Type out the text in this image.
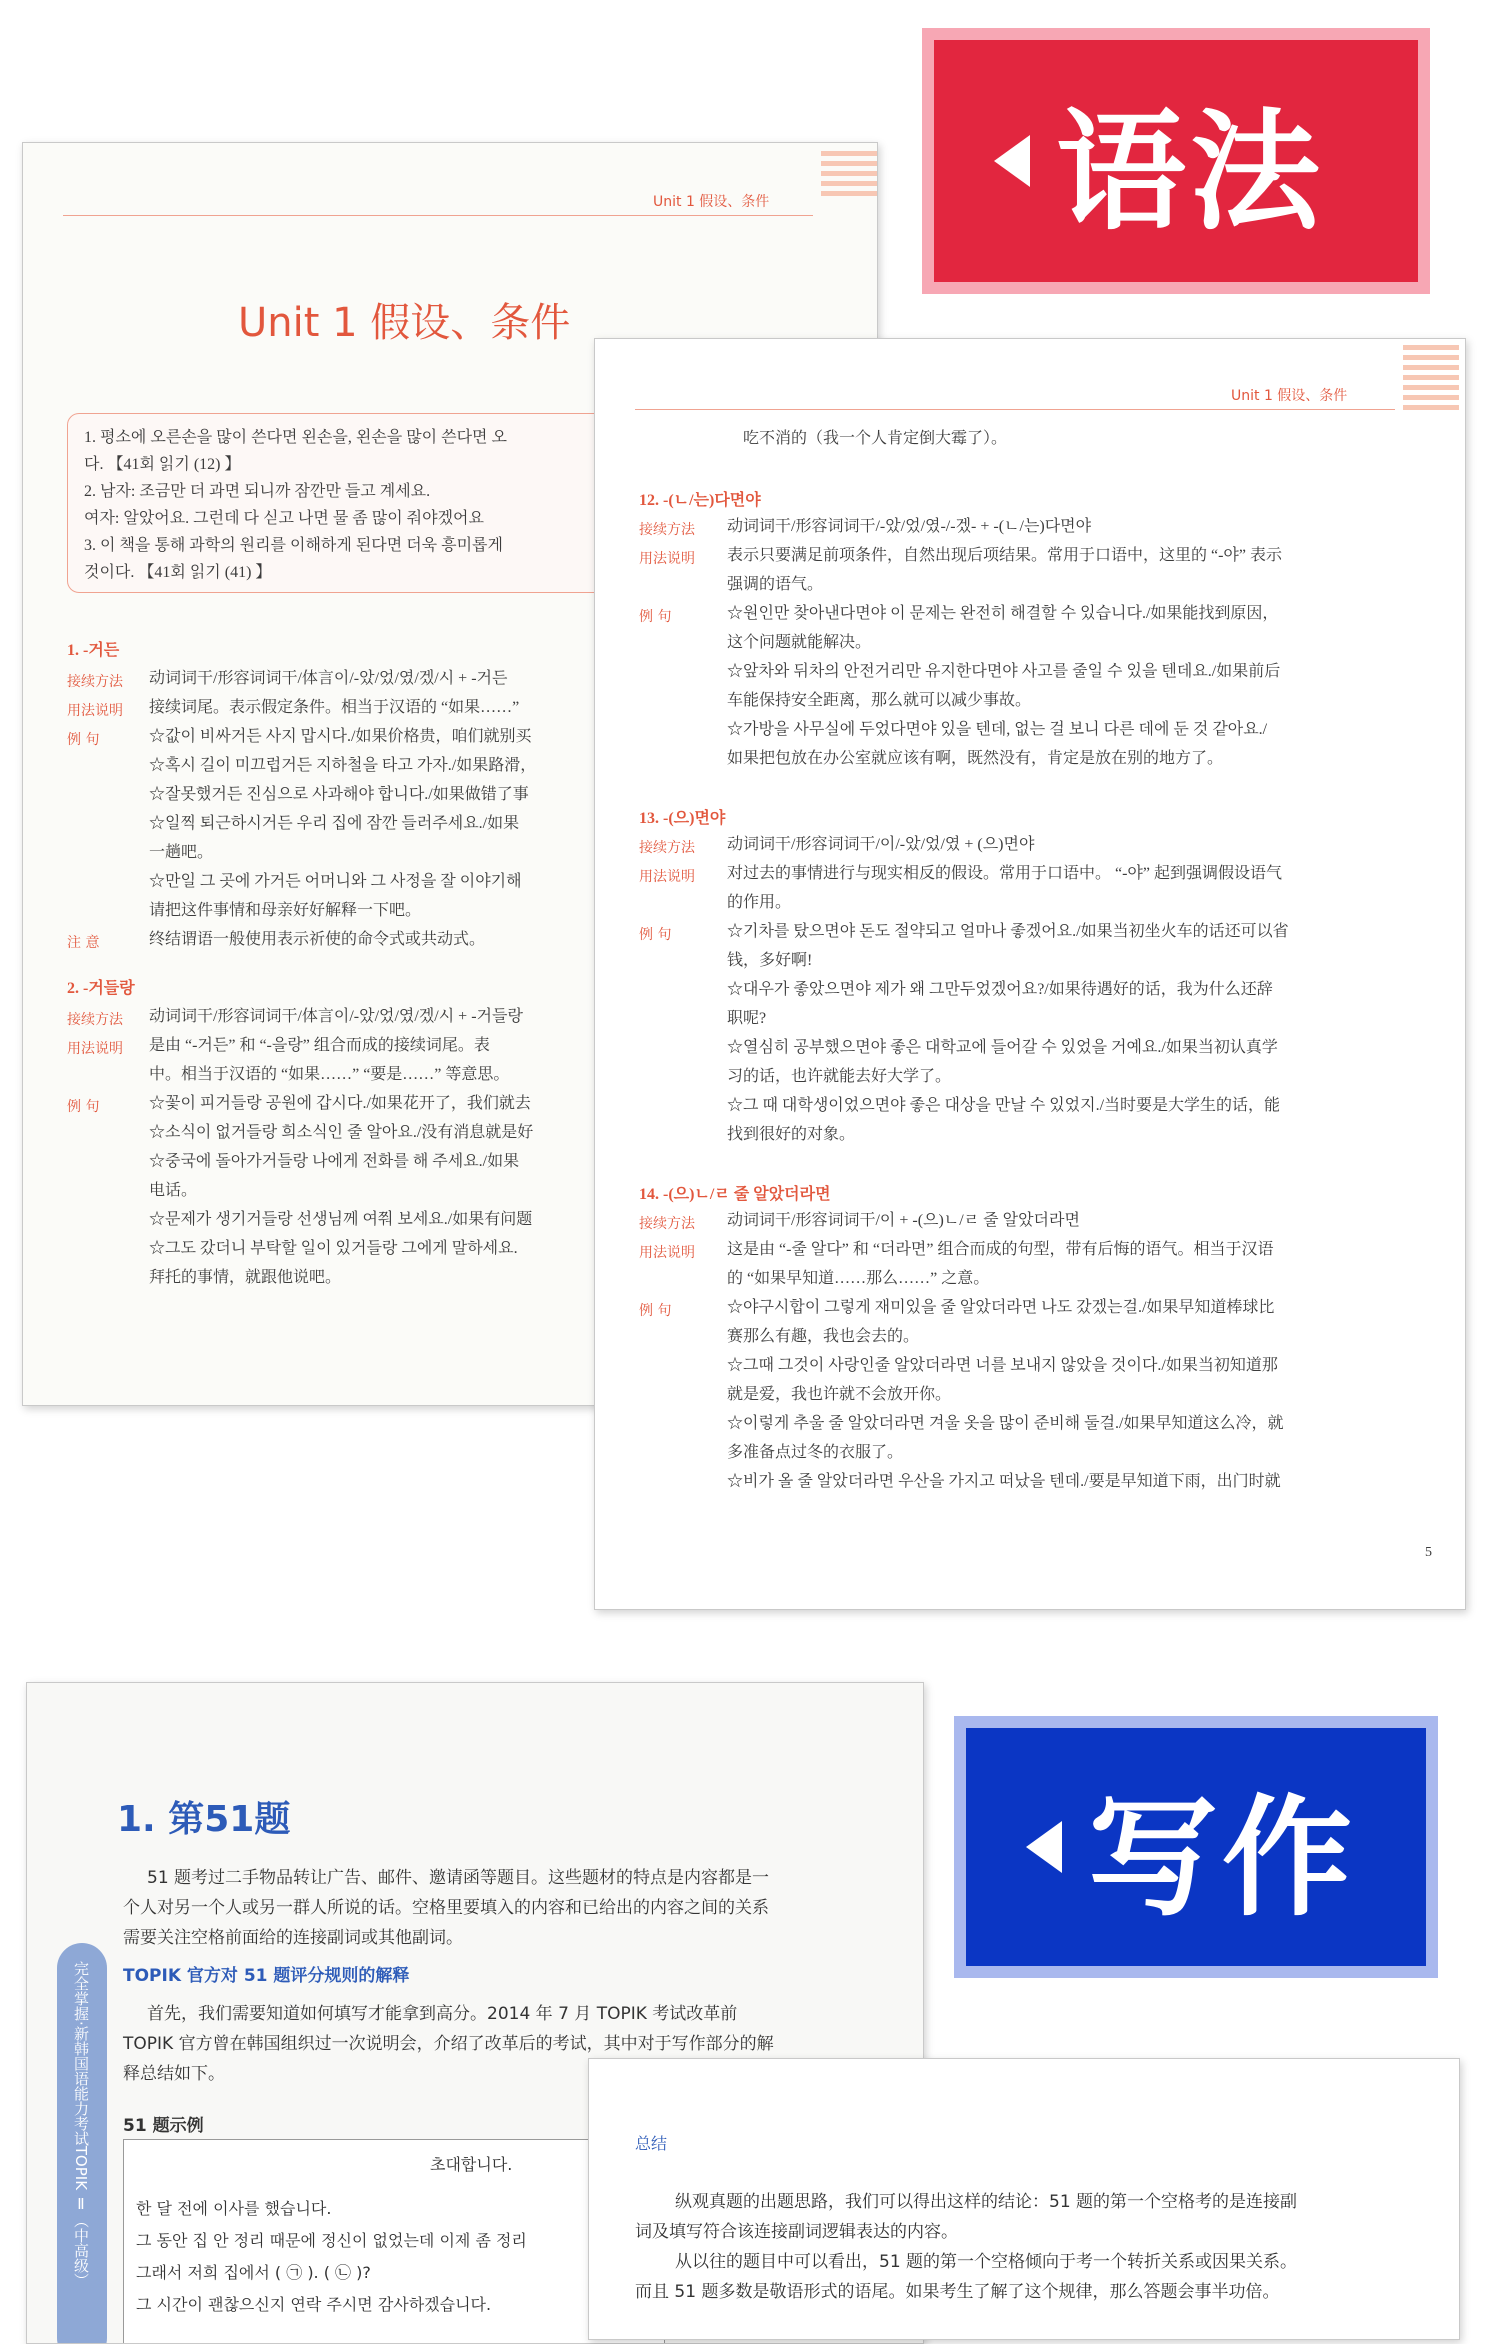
Unit 1 假设、条件
Unit 1 假设、条件
1. 평소에 오른손을 많이 쓴다면 왼손을, 왼손을 많이 쓴다면 오
다. 【41회 읽기 (12) 】
2. 남자: 조금만 더 과면 되니까 잠깐만 들고 계세요.
여자: 알았어요. 그런데 다 싣고 나면 물 좀 많이 줘야겠어요
3. 이 책을 통해 과학의 원리를 이해하게 된다면 더욱 흥미롭게
것이다. 【41회 읽기 (41) 】
1. -거든
接续方法 动词词干/形容词词干/体言이/-았/었/였/겠/시 + -거든
用法说明 接续词尾。表示假定条件。相当于汉语的 “如果……”
例 句	☆값이 비싸거든 사지 맙시다./如果价格贵，咱们就别买
☆혹시 길이 미끄럽거든 지하철을 타고 가자./如果路滑，
☆잘못했거든 진심으로 사과해야 합니다./如果做错了事
☆일찍 퇴근하시거든 우리 집에 잠깐 들러주세요./如果
一趟吧。
☆만일 그 곳에 가거든 어머니와 그 사정을 잘 이야기해
请把这件事情和母亲好好解释一下吧。
注 意	终结谓语一般使用表示祈使的命令式或共动式。
2. -거들랑
接续方法 动词词干/形容词词干/体言이/-았/었/였/겠/시 + -거들랑
用法说明 是由 “-거든” 和 “-을랑” 组合而成的接续词尾。表
中。相当于汉语的 “如果……” “要是……” 等意思。
例 句	☆꽃이 피거들랑 공원에 갑시다./如果花开了，我们就去
☆소식이 없거들랑 희소식인 줄 알아요./没有消息就是好
☆중국에 돌아가거들랑 나에게 전화를 해 주세요./如果
电话。
☆문제가 생기거들랑 선생님께 여쭤 보세요./如果有问题
☆그도 갔더니 부탁할 일이 있거들랑 그에게 말하세요.
拜托的事情，就跟他说吧。
语法
Unit 1 假设、条件
吃不消的（我一个人肯定倒大霉了）。
12. -(ㄴ/는)다면야
接续方法 动词词干/形容词词干/-았/었/였-/-겠- + -(ㄴ/는)다면야
用法说明 表示只要满足前项条件，自然出现后项结果。常用于口语中，这里的 “-야” 表示
强调的语气。
例 句	☆원인만 찾아낸다면야 이 문제는 완전히 해결할 수 있습니다./如果能找到原因，
这个问题就能解决。
☆앞차와 뒤차의 안전거리만 유지한다면야 사고를 줄일 수 있을 텐데요./如果前后
车能保持安全距离，那么就可以减少事故。
☆가방을 사무실에 두었다면야 있을 텐데, 없는 걸 보니 다른 데에 둔 것 같아요./
如果把包放在办公室就应该有啊，既然没有，肯定是放在别的地方了。
13. -(으)면야
接续方法 动词词干/形容词词干/이/-았/었/였 + (으)면야
用法说明 对过去的事情进行与现实相反的假设。常用于口语中。 “-야” 起到强调假设语气
的作用。
例 句	☆기차를 탔으면야 돈도 절약되고 얼마나 좋겠어요./如果当初坐火车的话还可以省
钱，多好啊!
☆대우가 좋았으면야 제가 왜 그만두었겠어요?/如果待遇好的话，我为什么还辞
职呢?
☆열심히 공부했으면야 좋은 대학교에 들어갈 수 있었을 거예요./如果当初认真学
习的话，也许就能去好大学了。
☆그 때 대학생이었으면야 좋은 대상을 만날 수 있었지./当时要是大学生的话，能
找到很好的对象。
14. -(으)ㄴ/ㄹ 줄 알았더라면
接续方法 动词词干/形容词词干/이 + -(으)ㄴ/ㄹ 줄 알았더라면
用法说明 这是由 “-줄 알다” 和 “더라면” 组合而成的句型，带有后悔的语气。相当于汉语
的 “如果早知道……那么……” 之意。
例 句	☆야구시합이 그렇게 재미있을 줄 알았더라면 나도 갔겠는걸./如果早知道棒球比
赛那么有趣，我也会去的。
☆그때 그것이 사랑인줄 알았더라면 너를 보내지 않았을 것이다./如果当初知道那
就是爱，我也许就不会放开你。
☆이렇게 추울 줄 알았더라면 겨울 옷을 많이 준비해 둘걸./如果早知道这么冷，就
多准备点过冬的衣服了。
☆비가 올 줄 알았더라면 우산을 가지고 떠났을 텐데./要是早知道下雨，出门时就
5
完全掌握·新韩国语能力考试TOPIK Ⅱ（中高级）
1. 第51题
51 题考过二手物品转让广告、邮件、邀请函等题目。这些题材的特点是内容都是一
个人对另一个人或另一群人所说的话。空格里要填入的内容和已给出的内容之间的关系
需要关注空格前面给的连接副词或其他副词。
TOPIK 官方对 51 题评分规则的解释
首先，我们需要知道如何填写才能拿到高分。2014 年 7 月 TOPIK 考试改革前
TOPIK 官方曾在韩国组织过一次说明会，介绍了改革后的考试，其中对于写作部分的解
释总结如下。
51 题示例
초대합니다.
한 달 전에 이사를 했습니다.
그 동안 집 안 정리 때문에 정신이 없었는데 이제 좀 정리
그래서 저희 집에서 ( ㉠ ). ( ㉡ )?
그 시간이 괜찮으신지 연락 주시면 감사하겠습니다.
写作
总结
纵观真题的出题思路，我们可以得出这样的结论：51 题的第一个空格考的是连接副
词及填写符合该连接副词逻辑表达的内容。
从以往的题目中可以看出，51 题的第一个空格倾向于考一个转折关系或因果关系。
而且 51 题多数是敬语形式的语尾。如果考生了解了这个规律，那么答题会事半功倍。
